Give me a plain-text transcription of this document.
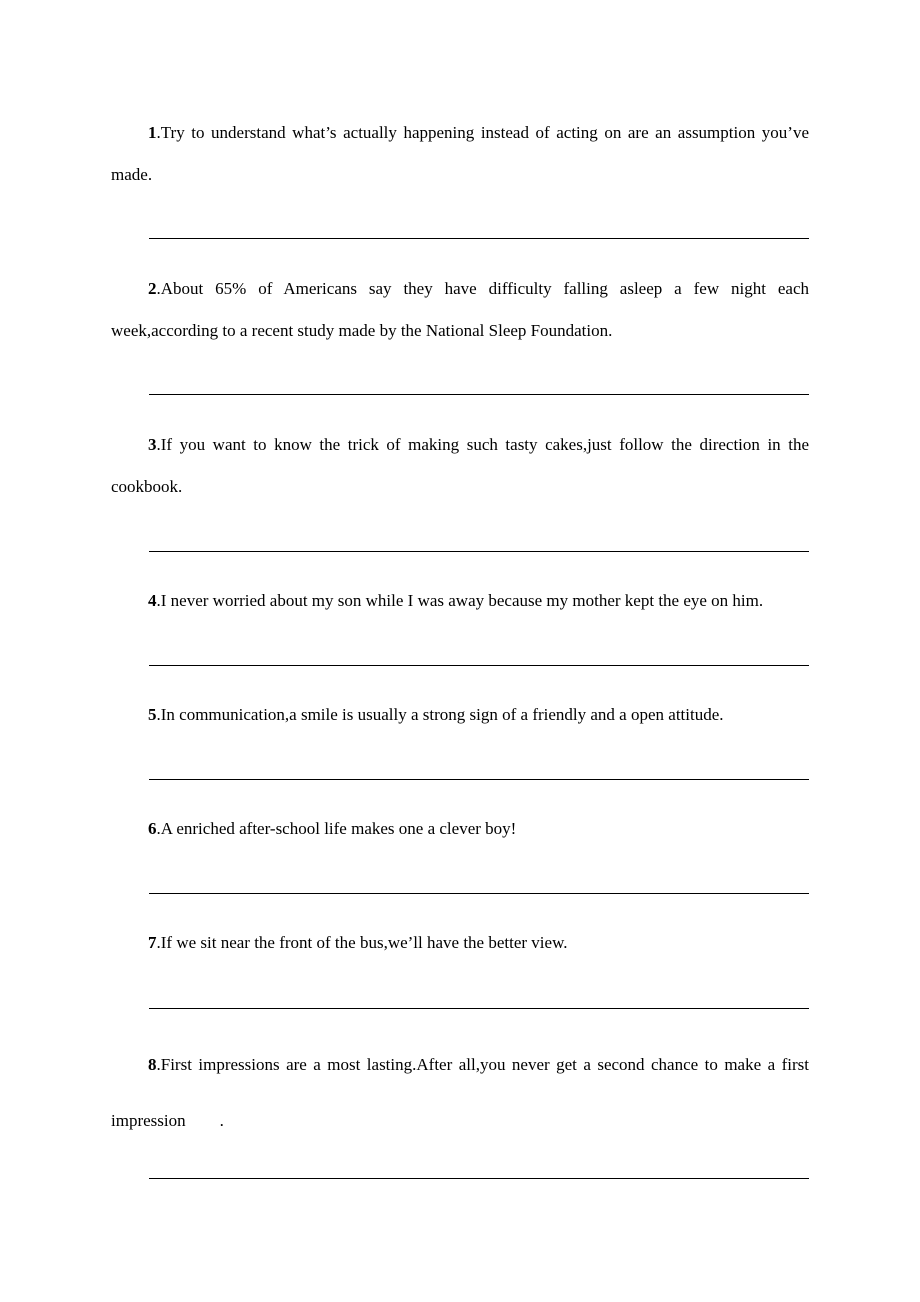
1.Try to understand what’s actually happening instead of acting on are an assumption you’ve made.
2.About 65% of Americans say they have difficulty falling asleep a few night each week,according to a recent study made by the National Sleep Foundation.
3.If you want to know the trick of making such tasty cakes,just follow the direction in the cookbook.
4.I never worried about my son while I was away because my mother kept the eye on him.
5.In communication,a smile is usually a strong sign of a friendly and a open attitude.
6.A enriched after-school life makes one a clever boy!
7.If we sit near the front of the bus,we’ll have the better view.
8.First impressions are a most lasting.After all,you never get a second chance to make a first impression  .
